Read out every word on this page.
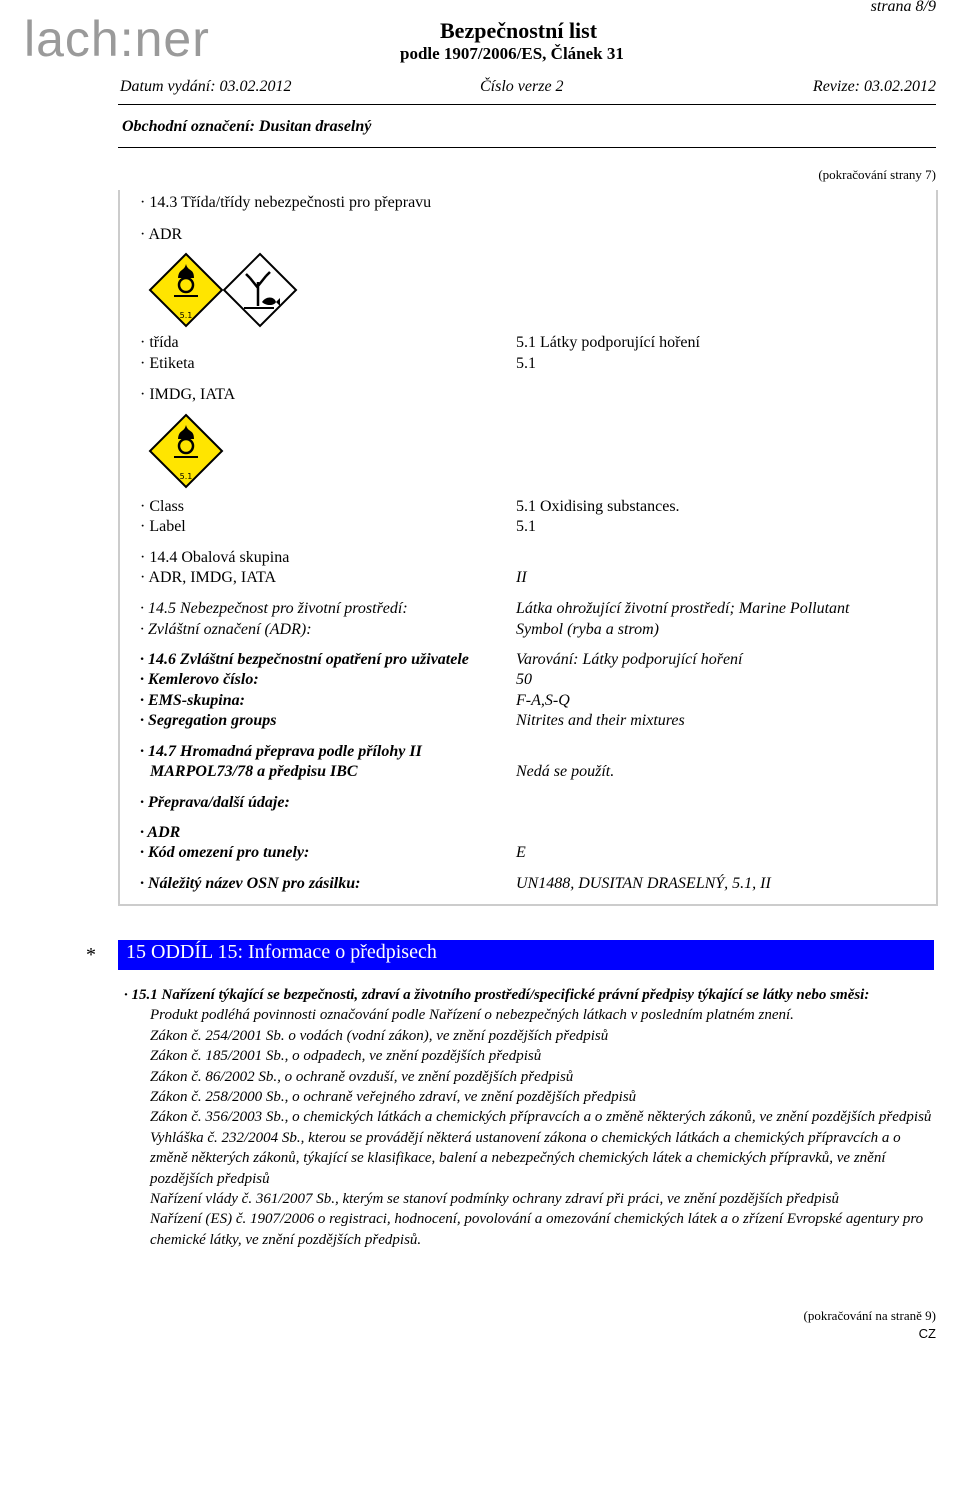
lach:ner	Bezpečnostní list
podle 1907/2006/ES, Článek 31
strana 8/9
Datum vydání: 03.02.2012	Číslo verze 2	Revize: 03.02.2012
Obchodní označení: Dusitan draselný
(pokračování strany 7)
· 14.3 Třída/třídy nebezpečnosti pro přepravu
· ADR
5.1
· třída	5.1 Látky podporující hoření
· Etiketa	5.1
· IMDG, IATA
5.1
· Class	5.1 Oxidising substances.
· Label	5.1
· 14.4 Obalová skupina
· ADR, IMDG, IATA	II
· 14.5 Nebezpečnost pro životní prostředí:	Látka ohrožující životní prostředí; Marine Pollutant
· Zvláštní označení (ADR):	Symbol (ryba a strom)
· 14.6 Zvláštní bezpečnostní opatření pro uživatele	Varování: Látky podporující hoření
· Kemlerovo číslo:	50
· EMS-skupina:	F-A,S-Q
· Segregation groups	Nitrites and their mixtures
· 14.7 Hromadná přeprava podle přílohy II
MARPOL73/78 a předpisu IBC	Nedá se použít.
· Přeprava/další údaje:
· ADR
· Kód omezení pro tunely:	E
· Náležitý název OSN pro zásilku:	UN1488, DUSITAN DRASELNÝ, 5.1, II
* 15 ODDÍL 15: Informace o předpisech
· 15.1 Nařízení týkající se bezpečnosti, zdraví a životního prostředí/specifické právní předpisy týkající se látky nebo směsi:
Produkt podléhá povinnosti označování podle Nařízení o nebezpečných látkach v posledním platném znení.
Zákon č. 254/2001 Sb. o vodách (vodní zákon), ve znění pozdějších předpisů
Zákon č. 185/2001 Sb., o odpadech, ve znění pozdějších předpisů
Zákon č. 86/2002 Sb., o ochraně ovzduší, ve znění pozdějších předpisů
Zákon č. 258/2000 Sb., o ochraně veřejného zdraví, ve znění pozdějších předpisů
Zákon č. 356/2003 Sb., o chemických látkách a chemických přípravcích a o změně některých zákonů, ve znění pozdějších předpisů
Vyhláška č. 232/2004 Sb., kterou se provádějí některá ustanovení zákona o chemických látkách a chemických přípravcích a o změně některých zákonů, týkající se klasifikace, balení a nebezpečných chemických látek a chemických přípravků, ve znění pozdějších předpisů
Nařízení vlády č. 361/2007 Sb., kterým se stanoví podmínky ochrany zdraví při práci, ve znění pozdějších předpisů
Nařízení (ES) č. 1907/2006 o registraci, hodnocení, povolování a omezování chemických látek a o zřízení Evropské agentury pro chemické látky, ve znění pozdějších předpisů.
(pokračování na straně 9)
CZ
